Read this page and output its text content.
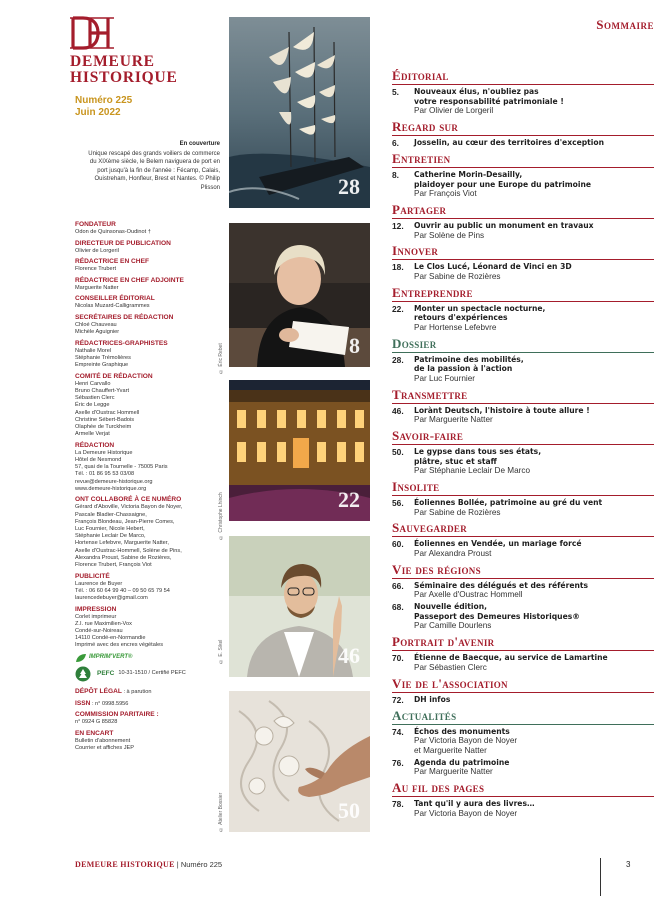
DEMEURE
HISTORIQUE
Numéro 225
Juin 2022
En couverture
Unique rescapé des grands voiliers de commerce du XIXème siècle, le Belem naviguera de port en port jusqu'à la fin de l'année : Fécamp, Calais, Ouistreham, Honfleur, Brest et Nantes. © Philip Plisson
FONDATEUR
Odon de Quinsonas-Oudinot †
DIRECTEUR DE PUBLICATION
Olivier de Lorgeril
RÉDACTRICE EN CHEF
Florence Trubert
RÉDACTRICE EN CHEF ADJOINTE
Marguerite Natter
CONSEILLER ÉDITORIAL
Nicolas Muzard-Calligrammes
SECRÉTAIRES DE RÉDACTION
Chloé Chauveau
Michèle Aguignier
RÉDACTRICES-GRAPHISTES
Nathalie Morel
Stéphanie Trémolières
Empreinte Graphique
COMITÉ DE RÉDACTION
Henri Carvallo
Bruno Chauffert-Yvart
Sébastien Clerc
Éric de Legge
Axelle d'Oustrac Hommell
Christine Sébert-Badois
Olaphée de Turckheim
Armelle Verjat
RÉDACTION
La Demeure Historique
Hôtel de Nesmond
57, quai de la Tournelle - 75005 Paris
Tél. : 01 86 95 53 03/08
revue@demeure-historique.org
www.demeure-historique.org
ONT COLLABORÉ À CE NUMÉRO
Gérard d'Aboville, Victoria Bayon de Noyer,
Pascale Bladier-Chassaigne,
François Blondeau, Jean-Pierre Comes,
Luc Fournier, Nicole Hebert,
Stéphanie Leclair De Marco,
Hortense Lefebvre, Marguerite Natter,
Axelle d'Oustrac-Hommell, Solène de Pins,
Alexandra Proust, Sabine de Rozières,
Florence Trubert, François Viot
PUBLICITÉ
Laurence de Buyer
Tél. : 06 60 64 99 40 – 09 50 65 79 54
laurencedebuyer@gmail.com
IMPRESSION
Corlet imprimeur
Z.I. rue Maximilien-Vox
Condé-sur-Noireau
14110 Condé-en-Normandie
Imprimé avec des encres végétales
IMPRIM'VERT®
PEFC 10-31-1510 / Certifié PEFC
DÉPÔT LÉGAL : à parution
ISSN : n° 0998.5956
COMMISSION PARITAIRE :
n° 0924 G 85828
EN ENCART
Bulletin d'abonnement
Courrier et affiches JEP
28
© Éric Rebet	8
© Christophe Lhinch	22
© E. Sikel	46
© Atelier Bossier	50
Sommaire
Éditorial
5.	Nouveaux élus, n'oubliez pas
votre responsabilité patrimoniale !
Par Olivier de Lorgeril
Regard sur
6.	Josselin, au cœur des territoires d'exception
Entretien
8.	Catherine Morin-Desailly,
plaidoyer pour une Europe du patrimoine
Par François Viot
Partager
12.	Ouvrir au public un monument en travaux
Par Solène de Pins
Innover
18.	Le Clos Lucé, Léonard de Vinci en 3D
Par Sabine de Rozières
Entreprendre
22.	Monter un spectacle nocturne,
retours d'expériences
Par Hortense Lefebvre
Dossier
28.	Patrimoine des mobilités,
de la passion à l'action
Par Luc Fournier
Transmettre
46.	Lorànt Deutsch, l'histoire à toute allure !
Par Marguerite Natter
Savoir-faire
50.	Le gypse dans tous ses états,
plâtre, stuc et staff
Par Stéphanie Leclair De Marco
Insolite
56.	Éoliennes Bollée, patrimoine au gré du vent
Par Sabine de Rozières
Sauvegarder
60.	Éoliennes en Vendée, un mariage forcé
Par Alexandra Proust
Vie des régions
66.	Séminaire des délégués et des référents
Par Axelle d'Oustrac Hommell
68.	Nouvelle édition,
Passeport des Demeures Historiques®
Par Camille Dourlens
Portrait d'avenir
70.	Étienne de Baecque, au service de Lamartine
Par Sébastien Clerc
Vie de l'association
72.	DH infos
Actualités
74.	Échos des monuments
Par Victoria Bayon de Noyer
et Marguerite Natter
76.	Agenda du patrimoine
Par Marguerite Natter
Au fil des pages
78.	Tant qu'il y aura des livres…
Par Victoria Bayon de Noyer
DEMEURE HISTORIQUE | Numéro 225	3
